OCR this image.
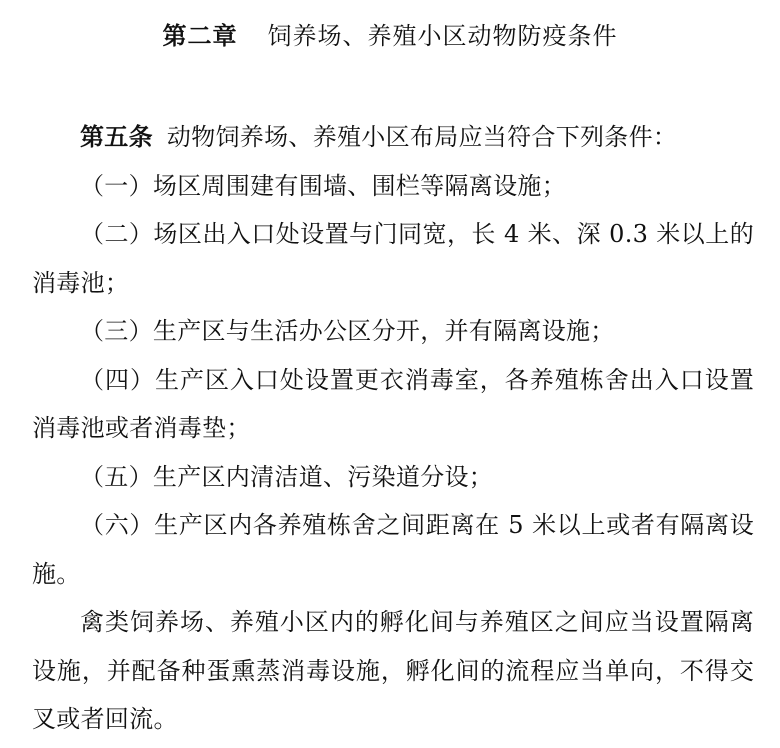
第二章 饲养场、养殖小区动物防疫条件

第五条 动物饲养场、养殖小区布局应当符合下列条件：

（一）场区周围建有围墙、围栏等隔离设施；

（二）场区出入口处设置与门同宽，长 4 米、深 0.3 米以上的消毒池；

（三）生产区与生活办公区分开，并有隔离设施；

（四）生产区入口处设置更衣消毒室，各养殖栋舍出入口设置消毒池或者消毒垫；

（五）生产区内清洁道、污染道分设；

（六）生产区内各养殖栋舍之间距离在 5 米以上或者有隔离设施。

禽类饲养场、养殖小区内的孵化间与养殖区之间应当设置隔离设施，并配备种蛋熏蒸消毒设施，孵化间的流程应当单向，不得交叉或者回流。
